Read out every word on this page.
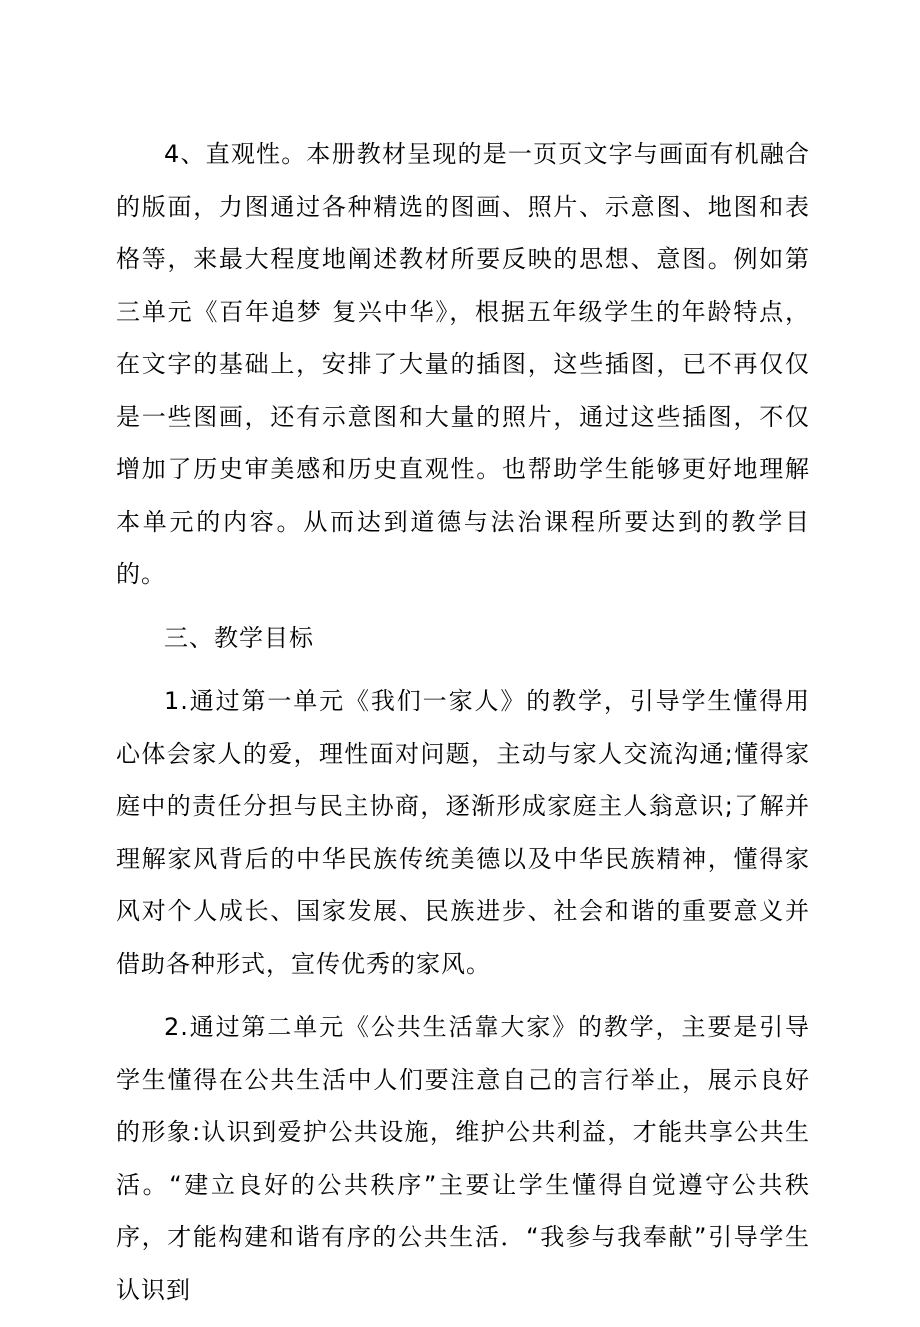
4、直观性。本册教材呈现的是一页页文字与画面有机融合的版面，力图通过各种精选的图画、照片、示意图、地图和表格等，来最大程度地阐述教材所要反映的思想、意图。例如第三单元《百年追梦 复兴中华》，根据五年级学生的年龄特点，在文字的基础上，安排了大量的插图，这些插图，已不再仅仅是一些图画，还有示意图和大量的照片，通过这些插图，不仅增加了历史审美感和历史直观性。也帮助学生能够更好地理解本单元的内容。从而达到道德与法治课程所要达到的教学目的。

三、教学目标

1.通过第一单元《我们一家人》的教学，引导学生懂得用心体会家人的爱，理性面对问题，主动与家人交流沟通;懂得家庭中的责任分担与民主协商，逐渐形成家庭主人翁意识;了解并理解家风背后的中华民族传统美德以及中华民族精神，懂得家风对个人成长、国家发展、民族进步、社会和谐的重要意义并借助各种形式，宣传优秀的家风。

2.通过第二单元《公共生活靠大家》的教学，主要是引导学生懂得在公共生活中人们要注意自己的言行举止，展示良好的形象:认识到爱护公共设施，维护公共利益，才能共享公共生活。“建立良好的公共秩序”主要让学生懂得自觉遵守公共秩序，才能构建和谐有序的公共生活．“我参与我奉献”引导学生认识到
